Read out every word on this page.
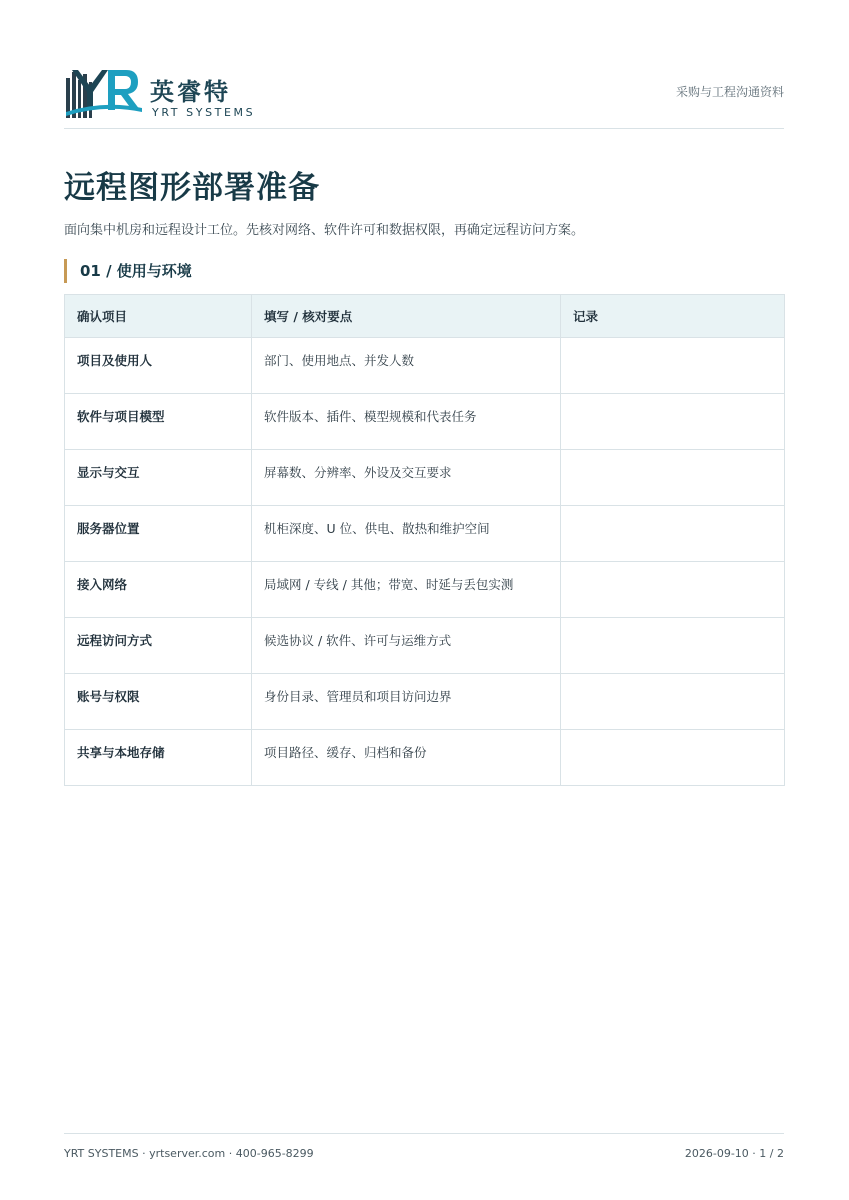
英睿特
YRT SYSTEMS
采购与工程沟通资料
远程图形部署准备
面向集中机房和远程设计工位。先核对网络、软件许可和数据权限，再确定远程访问方案。
01 / 使用与环境
确认项目	填写 / 核对要点	记录
项目及使用人	部门、使用地点、并发人数	
软件与项目模型	软件版本、插件、模型规模和代表任务	
显示与交互	屏幕数、分辨率、外设及交互要求	
服务器位置	机柜深度、U 位、供电、散热和维护空间	
接入网络	局域网 / 专线 / 其他；带宽、时延与丢包实测	
远程访问方式	候选协议 / 软件、许可与运维方式	
账号与权限	身份目录、管理员和项目访问边界	
共享与本地存储	项目路径、缓存、归档和备份	
YRT SYSTEMS · yrtserver.com · 400-965-8299	2026-09-10 · 1 / 2
